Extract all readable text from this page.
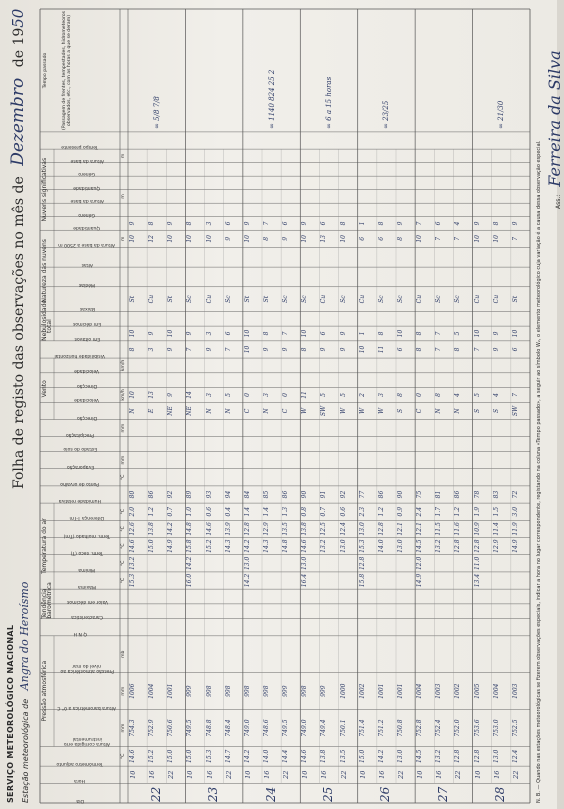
SERVIÇO METEOROLÓGICO NACIONAL Estação meteorológica de Angra do Heroísmo
Folha de registo das observações no mês de Dezembro de 1950
Pressão atmosférica
Tendência barométrica
Temperatura do ar
Vento
Nebulosidade total
Natureza das nuvens
Nuvens significativas
Dia
Hora
Termómetro adjunto
Altura corrigida erro instrumental
Altura barométrica a 0° C
Pressão atmosférica ao nível do mar
Q N H
Característica
Valor em décimos
Máxima
Mínima
Term. seco (T)
Term. molhado (Tm)
Diferença T-Tm
Humidade relativa
Ponto de orvalho
Evaporação
Estado do solo
Precipitação
Direcção
Velocidade
Direcção
Velocidade
Visibilidade horizontal
Em oitavos
Em décimos
Baixas
Médias
Altas
Altura da base a 2500 m
Quantidade
Género
Altura da base
Quantidade
Género
Altura da base
Tempo presente
Tempo passado	(Passagem de frentes, tempestades, hidrometeoros observados, etc., com as horas a que se deram)
°C
mm
mm
mb
°C
°C
°C
°C
°C
°C
mm
mm
km/h
km/h
m
m
m
22
10
14.6
754.3
1006
15.3
13.2
14.6
12.6
2.0
80
N
10
8
10
St
10
9
16
15.2
752.9
1004
15.0
13.8
1.2
86
E
13
3
9
Cu
12
8
22
15.0
750.6
1001
14.9
14.2
0.7
92
NE
9
9
10
St
10
9
∞ 5/8 7/8
23
10
15.0
749.5
999
16.0
14.2
15.8
14.8
1.0
89
NE
14
7
9
Sc
10
8
16
15.3
748.8
998
15.2
14.6
0.6
93
N
3
9
3
Cu
10
3
22
14.7
748.4
998
14.3
13.9
0.4
94
N
5
7
6
Sc
9
6
24
10
14.2
749.0
998
14.2
13.0
14.2
12.8
1.4
84
C
0
10
10
St
10
9
16
14.0
748.6
998
14.3
12.9
1.4
85
N
3
9
8
St
8
7
22
14.4
749.5
999
14.8
13.5
1.3
86
C
0
9
7
Sc
9
6
∞ 1140 824 25 2
25
10
14.6
749.0
998
16.4
13.0
14.6
13.8
0.8
90
W
11
8
10
Sc
10
9
16
13.8
749.4
999
13.2
12.5
0.7
91
SW
5
9
6
Cu
13
6
22
13.5
750.1
1000
13.0
12.4
0.6
92
W
5
9
9
Sc
10
8
∞ 6 a 15 horas
26
10
15.0
751.4
1002
15.8
12.8
15.3
13.0
2.3
77
W
2
10
1
Cu
6
1
16
14.2
751.2
1001
14.0
12.8
1.2
86
W
3
11
8
Sc
6
8
22
13.0
750.8
1001
13.0
12.1
0.9
90
S
8
6
10
Sc
8
9
∞ 23/25
27
10
14.5
752.8
1004
14.9
12.0
14.5
12.1
2.4
75
C
0
8
8
Cu
10
7
16
13.2
752.4
1003
13.2
11.5
1.7
81
N
8
7
7
Sc
7
6
22
12.8
752.0
1002
12.8
11.6
1.2
86
N
4
8
5
Sc
7
4
28
10
12.8
753.6
1005
13.4
11.0
12.8
10.9
1.9
78
S
5
7
10
Cu
10
9
16
13.0
753.0
1004
12.9
11.4
1.5
83
S
4
9
9
Cu
10
8
22
12.4
752.5
1003
14.9
11.9
3.0
72
SW
7
6
10
St
7
9
∞ 21/30
N. B. — Quando nas estações meteorológicas se fizerem observações especiais, indicar a hora no lugar correspondente, registando na coluna «Tempo passado», a seguir ao símbolo W₂, o elemento meteorológico cuja variação é a causa dessa observação especial.	Ass.: Ferreira da Silva
